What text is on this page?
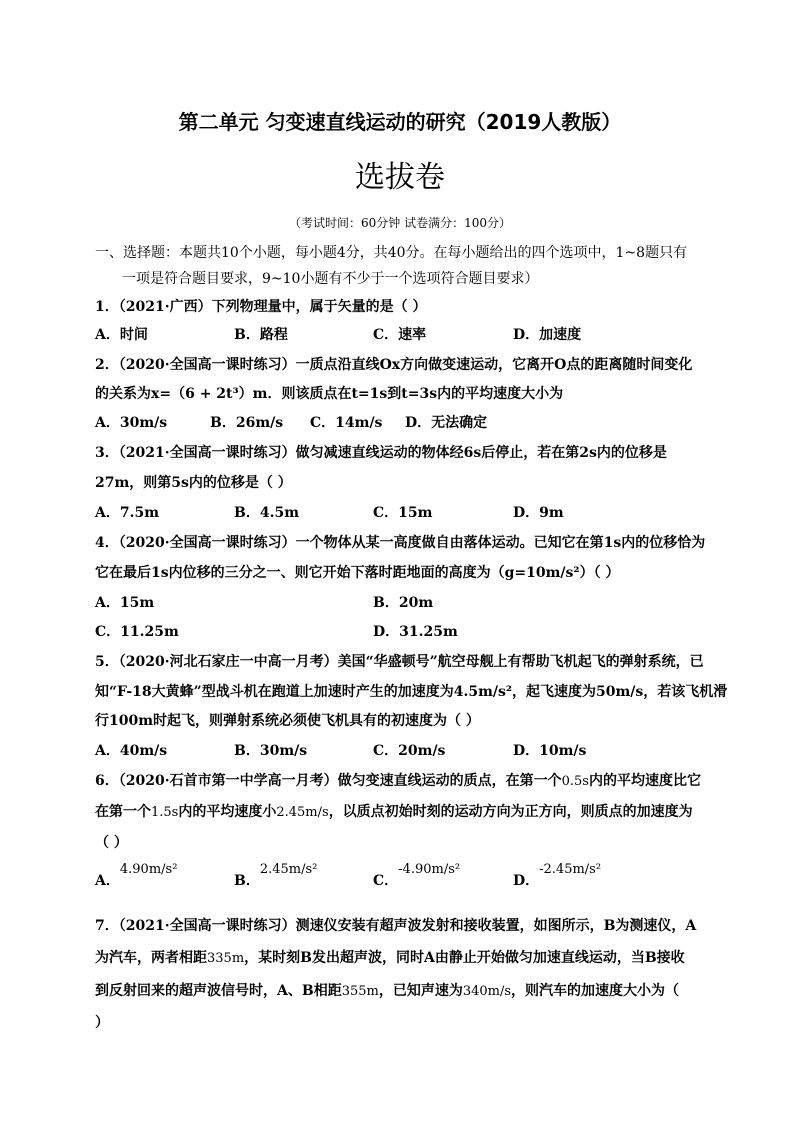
第二单元 匀变速直线运动的研究（2019人教版）
选拔卷
（考试时间：60分钟 试卷满分：100分）
一、选择题：本题共10个小题，每小题4分，共40分。在每小题给出的四个选项中，1~8题只有
一项是符合题目要求，9~10小题有不少于一个选项符合题目要求）
1．（2021·广西）下列物理量中，属于矢量的是（ ）
A．时间	B．路程	C．速率	D．加速度
2．（2020·全国高一课时练习）一质点沿直线Ox方向做变速运动，它离开O点的距离随时间变化
的关系为x=（6 + 2t³）m．则该质点在t=1s到t=3s内的平均速度大小为
A．30m/s	B．26m/s C．14m/s D．无法确定
3．（2021·全国高一课时练习）做匀减速直线运动的物体经6s后停止，若在第2s内的位移是
27m，则第5s内的位移是（ ）
A．7.5m	B．4.5m	C．15m	D．9m
4．（2020·全国高一课时练习）一个物体从某一高度做自由落体运动。已知它在第1s内的位移恰为
它在最后1s内位移的三分之一、则它开始下落时距地面的高度为（g=10m/s²）（ ）
A．15m	B．20m
C．11.25m	D．31.25m
5．（2020·河北石家庄一中高一月考）美国“华盛顿号”航空母舰上有帮助飞机起飞的弹射系统，已
知“F-18大黄蜂”型战斗机在跑道上加速时产生的加速度为4.5m/s²，起飞速度为50m/s，若该飞机滑
行100m时起飞，则弹射系统必须使飞机具有的初速度为（ ）
A．40m/s	B．30m/s	C．20m/s	D．10m/s
6．（2020·石首市第一中学高一月考）做匀变速直线运动的质点，在第一个0.5s内的平均速度比它
在第一个1.5s内的平均速度小2.45m/s，以质点初始时刻的运动方向为正方向，则质点的加速度为
（ ）
A．4.90m/s²
B．2.45m/s²
C．-4.90m/s²
D．-2.45m/s²
7．（2021·全国高一课时练习）测速仪安装有超声波发射和接收装置，如图所示，B为测速仪，A
为汽车，两者相距335m，某时刻B发出超声波，同时A由静止开始做匀加速直线运动，当B接收
到反射回来的超声波信号时，A、B相距355m，已知声速为340m/s，则汽车的加速度大小为（
）
